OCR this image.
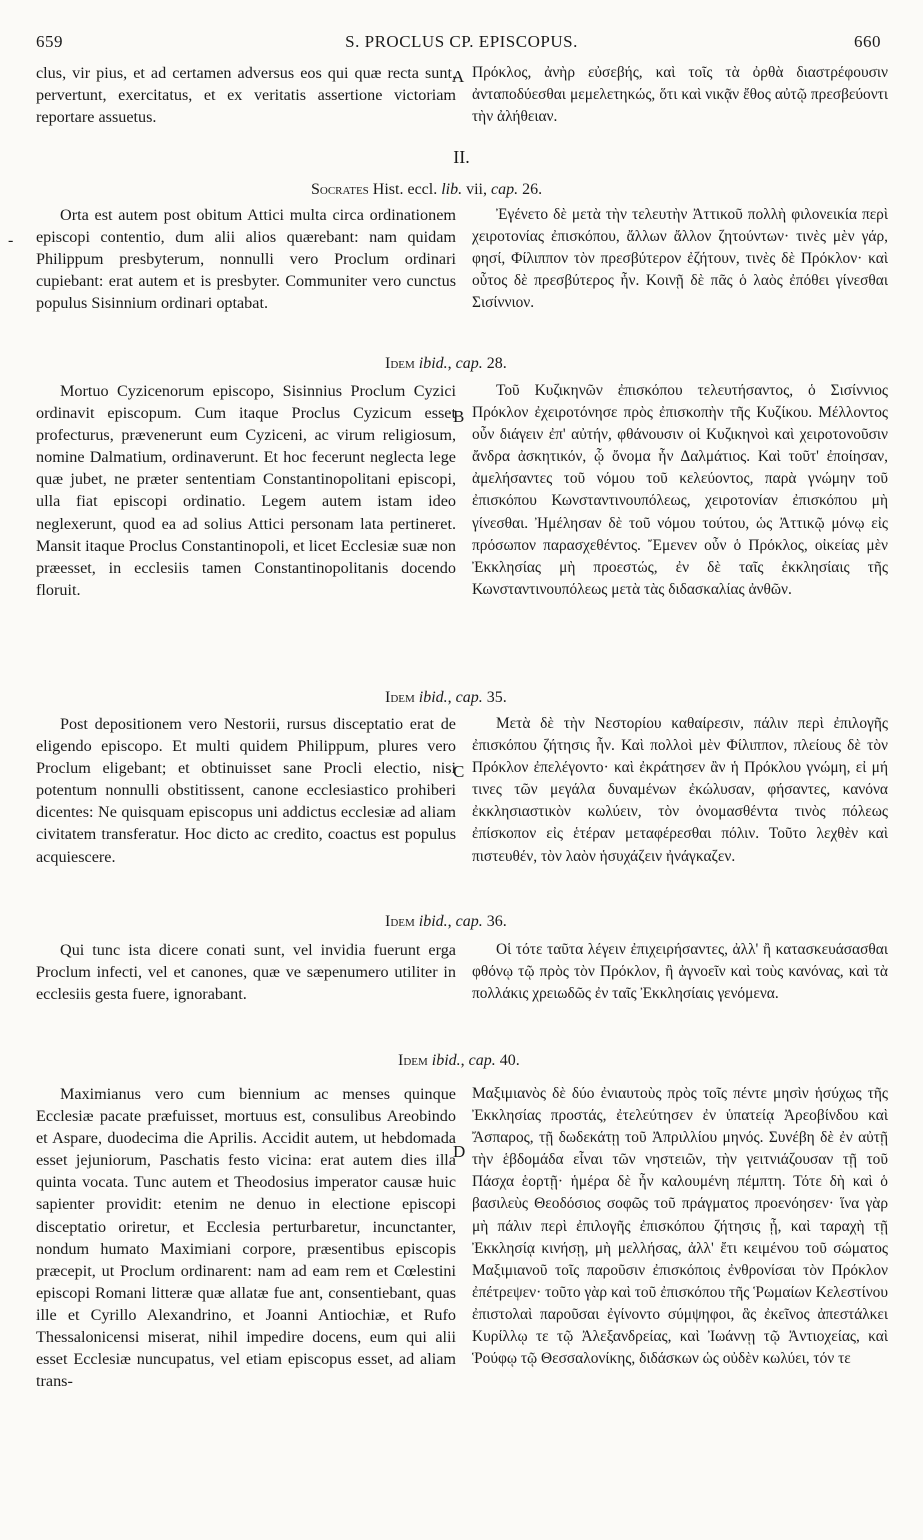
659	S. PROCLUS CP. EPISCOPUS.	660
-
A
B
C
D

clus, vir pius, et ad certamen adversus eos qui quæ recta sunt, pervertunt, exercitatus, et ex veritatis assertione victoriam reportare assuetus.

Πρόκλος, ἀνὴρ εὐσεβής, καὶ τοῖς τὰ ὀρθὰ διαστρέφουσιν ἀνταποδύεσθαι μεμελετηκώς, ὅτι καὶ νικᾷν ἔθος αὐτῷ πρεσβεύοντι τὴν ἀλήθειαν.

II.
Socrates Hist. eccl. lib. vii, cap. 26.

Orta est autem post obitum Attici multa circa ordinationem episcopi contentio, dum alii alios quærebant: nam quidam Philippum presbyterum, nonnulli vero Proclum ordinari cupiebant: erat autem et is presbyter. Communiter vero cunctus populus Sisinnium ordinari optabat.

Ἐγένετο δὲ μετὰ τὴν τελευτὴν Ἀττικοῦ πολλὴ φιλονεικία περὶ χειροτονίας ἐπισκόπου, ἄλλων ἄλλον ζητούντων· τινὲς μὲν γάρ, φησί, Φίλιππον τὸν πρεσβύτερον ἐζήτουν, τινὲς δὲ Πρόκλον· καὶ οὗτος δὲ πρεσβύτερος ἦν. Κοινῇ δὲ πᾶς ὁ λαὸς ἐπόθει γίνεσθαι Σισίννιον.

Idem ibid., cap. 28.

Mortuo Cyzicenorum episcopo, Sisinnius Proclum Cyzici ordinavit episcopum. Cum itaque Proclus Cyzicum esset profecturus, prævenerunt eum Cyziceni, ac virum religiosum, nomine Dalmatium, ordinaverunt. Et hoc fecerunt neglecta lege quæ jubet, ne præter sententiam Constantinopolitani episcopi, ulla fiat episcopi ordinatio. Legem autem istam ideo neglexerunt, quod ea ad solius Attici personam lata pertineret. Mansit itaque Proclus Constantinopoli, et licet Ecclesiæ suæ non præesset, in ecclesiis tamen Constantinopolitanis docendo floruit.

Τοῦ Κυζικηνῶν ἐπισκόπου τελευτήσαντος, ὁ Σισίννιος Πρόκλον ἐχειροτόνησε πρὸς ἐπισκοπὴν τῆς Κυζίκου. Μέλλοντος οὖν διάγειν ἐπ' αὐτήν, φθάνουσιν οἱ Κυζικηνοὶ καὶ χειροτονοῦσιν ἄνδρα ἀσκητικόν, ᾧ ὄνομα ἦν Δαλμάτιος. Καὶ τοῦτ' ἐποίησαν, ἀμελήσαντες τοῦ νόμου τοῦ κελεύοντος, παρὰ γνώμην τοῦ ἐπισκόπου Κωνσταντινουπόλεως, χειροτονίαν ἐπισκόπου μὴ γίνεσθαι. Ἠμέλησαν δὲ τοῦ νόμου τούτου, ὡς Ἀττικῷ μόνῳ εἰς πρόσωπον παρασχεθέντος. Ἔμενεν οὖν ὁ Πρόκλος, οἰκείας μὲν Ἐκκλησίας μὴ προεστώς, ἐν δὲ ταῖς ἐκκλησίαις τῆς Κωνσταντινουπόλεως μετὰ τὰς διδασκαλίας ἀνθῶν.

Idem ibid., cap. 35.

Post depositionem vero Nestorii, rursus disceptatio erat de eligendo episcopo. Et multi quidem Philippum, plures vero Proclum eligebant; et obtinuisset sane Procli electio, nisi potentum nonnulli obstitissent, canone ecclesiastico prohiberi dicentes: Ne quisquam episcopus uni addictus ecclesiæ ad aliam civitatem transferatur. Hoc dicto ac credito, coactus est populus acquiescere.

Μετὰ δὲ τὴν Νεστορίου καθαίρεσιν, πάλιν περὶ ἐπιλογῆς ἐπισκόπου ζήτησις ἦν. Καὶ πολλοὶ μὲν Φίλιππον, πλείους δὲ τὸν Πρόκλον ἐπελέγοντο· καὶ ἐκράτησεν ἂν ἡ Πρόκλου γνώμη, εἰ μή τινες τῶν μεγάλα δυναμένων ἐκώλυσαν, φήσαντες, κανόνα ἐκκλησιαστικὸν κωλύειν, τὸν ὀνομασθέντα τινὸς πόλεως ἐπίσκοπον εἰς ἑτέραν μεταφέρεσθαι πόλιν. Τοῦτο λεχθὲν καὶ πιστευθέν, τὸν λαὸν ἡσυχάζειν ἠνάγκαζεν.

Idem ibid., cap. 36.

Qui tunc ista dicere conati sunt, vel invidia fuerunt erga Proclum infecti, vel et canones, quæ ve sæpenumero utiliter in ecclesiis gesta fuere, ignorabant.

Οἱ τότε ταῦτα λέγειν ἐπιχειρήσαντες, ἀλλ' ἢ κατασκευάσασθαι φθόνῳ τῷ πρὸς τὸν Πρόκλον, ἢ ἀγνοεῖν καὶ τοὺς κανόνας, καὶ τὰ πολλάκις χρειωδῶς ἐν ταῖς Ἐκκλησίαις γενόμενα.

Idem ibid., cap. 40.

Maximianus vero cum biennium ac menses quinque Ecclesiæ pacate præfuisset, mortuus est, consulibus Areobindo et Aspare, duodecima die Aprilis. Accidit autem, ut hebdomada esset jejuniorum, Paschatis festo vicina: erat autem dies illa quinta vocata. Tunc autem et Theodosius imperator causæ huic sapienter providit: etenim ne denuo in electione episcopi disceptatio oriretur, et Ecclesia perturbaretur, incunctanter, nondum humato Maximiani corpore, præsentibus episcopis præcepit, ut Proclum ordinarent: nam ad eam rem et Cœlestini episcopi Romani litteræ quæ allatæ fue ant, consentiebant, quas ille et Cyrillo Alexandrino, et Joanni Antiochiæ, et Rufo Thessalonicensi miserat, nihil impedire docens, eum qui alii esset Ecclesiæ nuncupatus, vel etiam episcopus esset, ad aliam trans-

Μαξιμιανὸς δὲ δύο ἐνιαυτοὺς πρὸς τοῖς πέντε μησὶν ἡσύχως τῆς Ἐκκλησίας προστάς, ἐτελεύτησεν ἐν ὑπατείᾳ Ἀρεοβίνδου καὶ Ἄσπαρος, τῇ δωδεκάτῃ τοῦ Ἀπριλλίου μηνός. Συνέβη δὲ ἐν αὐτῇ τὴν ἑβδομάδα εἶναι τῶν νηστειῶν, τὴν γειτνιάζουσαν τῇ τοῦ Πάσχα ἑορτῇ· ἡμέρα δὲ ἦν καλουμένη πέμπτη. Τότε δὴ καὶ ὁ βασιλεὺς Θεοδόσιος σοφῶς τοῦ πράγματος προενόησεν· ἵνα γὰρ μὴ πάλιν περὶ ἐπιλογῆς ἐπισκόπου ζήτησις ᾖ, καὶ ταραχὴ τῇ Ἐκκλησίᾳ κινήσῃ, μὴ μελλήσας, ἀλλ' ἔτι κειμένου τοῦ σώματος Μαξιμιανοῦ τοῖς παροῦσιν ἐπισκόποις ἐνθρονίσαι τὸν Πρόκλον ἐπέτρεψεν· τοῦτο γὰρ καὶ τοῦ ἐπισκόπου τῆς Ῥωμαίων Κελεστίνου ἐπιστολαὶ παροῦσαι ἐγίνοντο σύμψηφοι, ἃς ἐκεῖνος ἀπεστάλκει Κυρίλλῳ τε τῷ Ἀλεξανδρείας, καὶ Ἰωάννῃ τῷ Ἀντιοχείας, καὶ Ῥούφῳ τῷ Θεσσαλονίκης, διδάσκων ὡς οὐδὲν κωλύει, τόν τε
